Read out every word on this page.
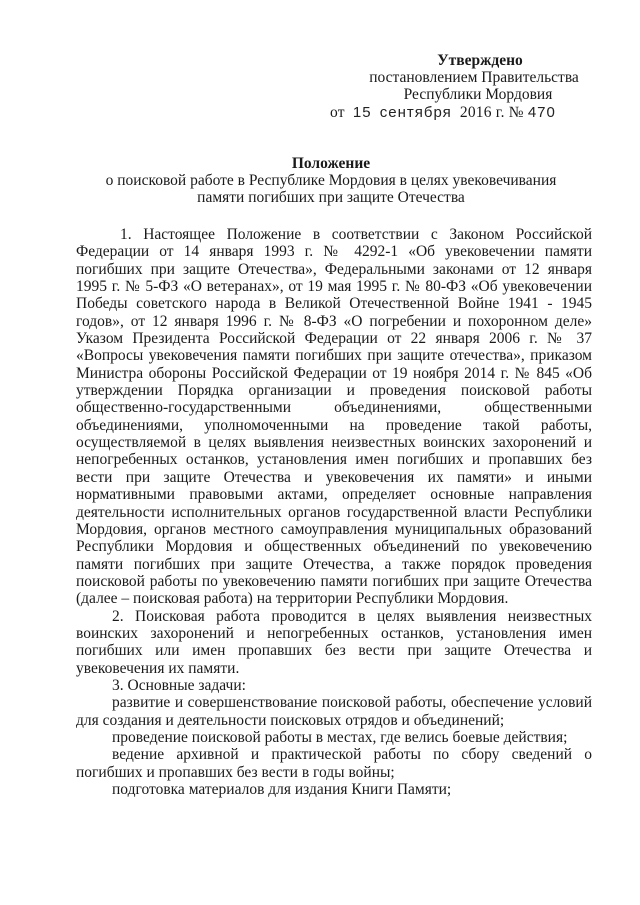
Утверждено
постановлением Правительства
Республики Мордовия
от 15 сентября 2016 г. № 470
Положение
о поисковой работе в Республике Мордовия в целях увековечивания
памяти погибших при защите Отечества

1. Настоящее Положение в соответствии с Законом Российской Федерации от 14 января 1993 г. № 4292-1 «Об увековечении памяти погибших при защите Отечества», Федеральными законами от 12 января 1995 г. № 5-ФЗ «О ветеранах», от 19 мая 1995 г. № 80-ФЗ «Об увековечении Победы советского народа в Великой Отечественной Войне 1941 - 1945 годов», от 12 января 1996 г. № 8-ФЗ «О погребении и похоронном деле» Указом Президента Российской Федерации от 22 января 2006 г. № 37 «Вопросы увековечения памяти погибших при защите отечества», приказом Министра обороны Российской Федерации от 19 ноября 2014 г. № 845 «Об утверждении Порядка организации и проведения поисковой работы общественно-государственными объединениями, общественными объединениями, уполномоченными на проведение такой работы, осуществляемой в целях выявления неизвестных воинских захоронений и непогребенных останков, установления имен погибших и пропавших без вести при защите Отечества и увековечения их памяти» и иными нормативными правовыми актами, определяет основные направления деятельности исполнительных органов государственной власти Республики Мордовия, органов местного самоуправления муниципальных образований Республики Мордовия и общественных объединений по увековечению памяти погибших при защите Отечества, а также порядок проведения поисковой работы по увековечению памяти погибших при защите Отечества (далее – поисковая работа) на территории Республики Мордовия.

2. Поисковая работа проводится в целях выявления неизвестных воинских захоронений и непогребенных останков, установления имен погибших или имен пропавших без вести при защите Отечества и увековечения их памяти.

3. Основные задачи:

развитие и совершенствование поисковой работы, обеспечение условий для создания и деятельности поисковых отрядов и объединений;

проведение поисковой работы в местах, где велись боевые действия;

ведение архивной и практической работы по сбору сведений о погибших и пропавших без вести в годы войны;

подготовка материалов для издания Книги Памяти;
